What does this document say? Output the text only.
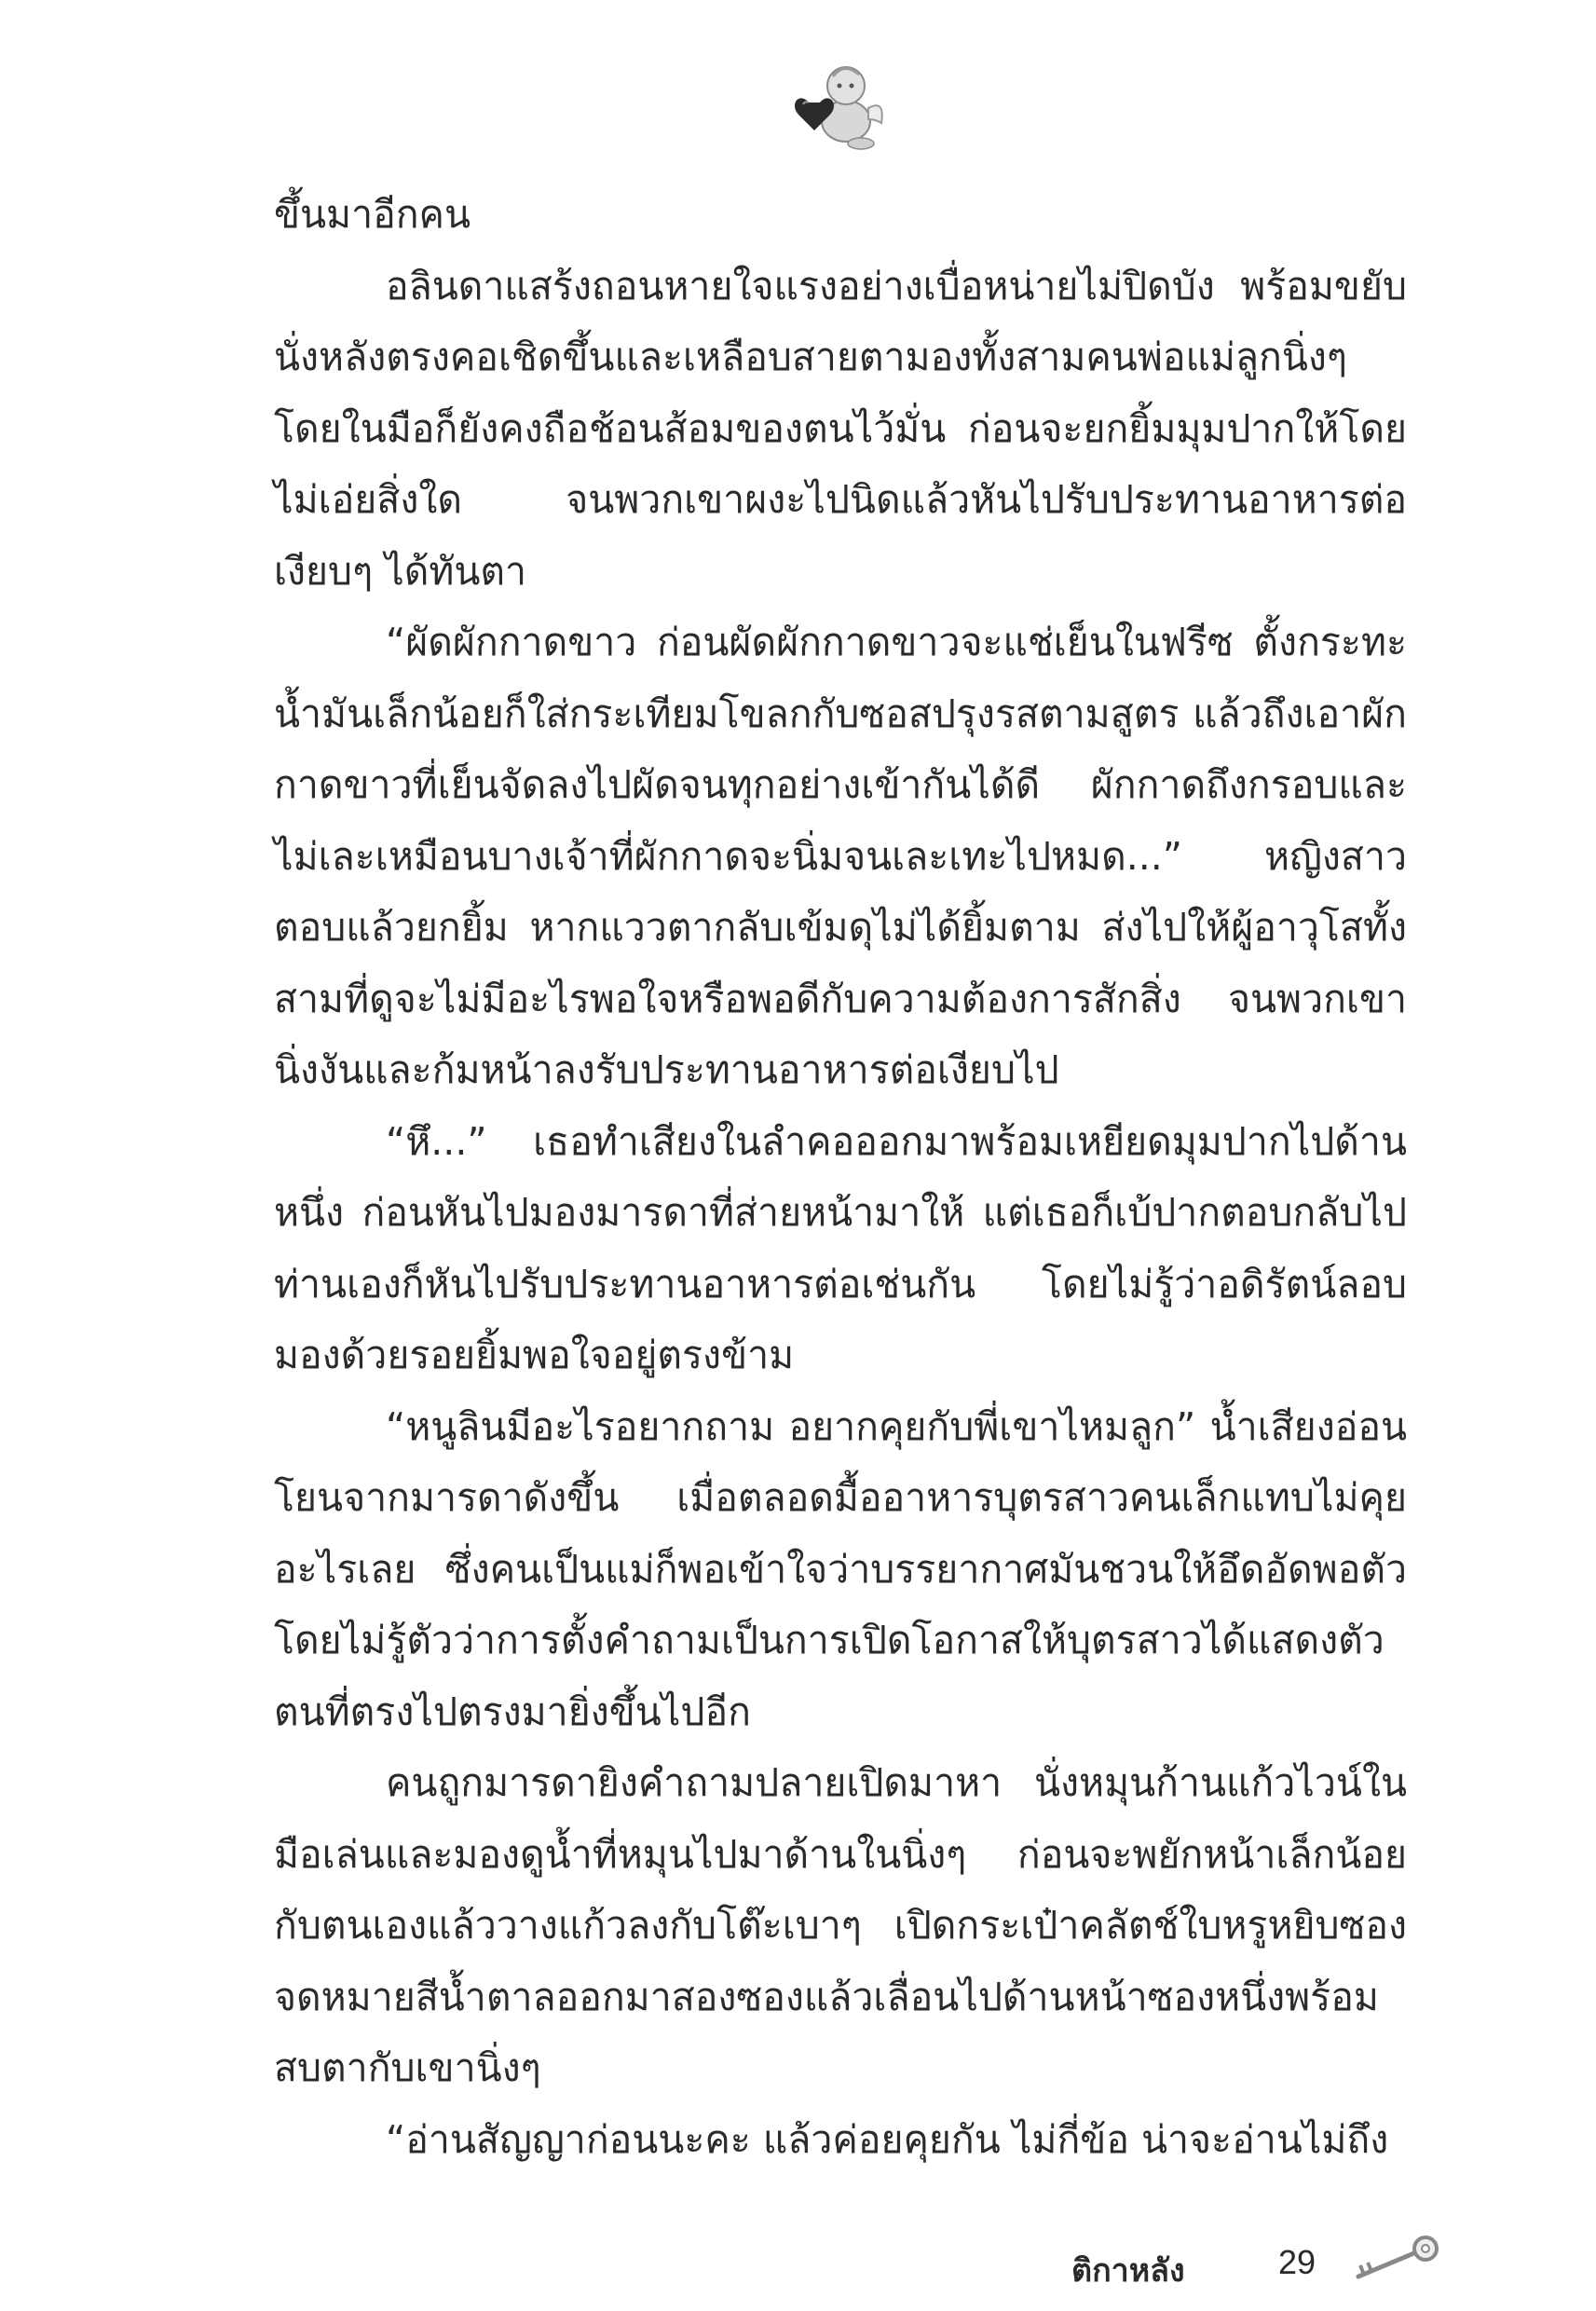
ขึ้นมาอีกคน

อลินดาแสร้งถอนหายใจแรงอย่างเบื่อหน่ายไม่ปิดบัง พร้อมขยับนั่งหลังตรงคอเชิดขึ้นและเหลือบสายตามองทั้งสามคนพ่อแม่ลูกนิ่งๆ โดยในมือก็ยังคงถือช้อนส้อมของตนไว้มั่น ก่อนจะยกยิ้มมุมปากให้โดยไม่เอ่ยสิ่งใด จนพวกเขาผงะไปนิดแล้วหันไปรับประทานอาหารต่อเงียบๆ ได้ทันตา

“ผัดผักกาดขาว ก่อนผัดผักกาดขาวจะแช่เย็นในฟรีซ ตั้งกระทะน้ำมันเล็กน้อยก็ใส่กระเทียมโขลกกับซอสปรุงรสตามสูตร แล้วถึงเอาผักกาดขาวที่เย็นจัดลงไปผัดจนทุกอย่างเข้ากันได้ดี ผักกาดถึงกรอบและไม่เละเหมือนบางเจ้าที่ผักกาดจะนิ่มจนเละเทะไปหมด...” หญิงสาวตอบแล้วยกยิ้ม หากแววตากลับเข้มดุไม่ได้ยิ้มตาม ส่งไปให้ผู้อาวุโสทั้งสามที่ดูจะไม่มีอะไรพอใจหรือพอดีกับความต้องการสักสิ่ง จนพวกเขานิ่งงันและก้มหน้าลงรับประทานอาหารต่อเงียบไป

“หึ...” เธอทำเสียงในลำคอออกมาพร้อมเหยียดมุมปากไปด้านหนึ่ง ก่อนหันไปมองมารดาที่ส่ายหน้ามาให้ แต่เธอก็เบ้ปากตอบกลับไป ท่านเองก็หันไปรับประทานอาหารต่อเช่นกัน โดยไม่รู้ว่าอดิรัตน์ลอบมองด้วยรอยยิ้มพอใจอยู่ตรงข้าม

“หนูลินมีอะไรอยากถาม อยากคุยกับพี่เขาไหมลูก” น้ำเสียงอ่อนโยนจากมารดาดังขึ้น เมื่อตลอดมื้ออาหารบุตรสาวคนเล็กแทบไม่คุยอะไรเลย ซึ่งคนเป็นแม่ก็พอเข้าใจว่าบรรยากาศมันชวนให้อึดอัดพอตัว โดยไม่รู้ตัวว่าการตั้งคำถามเป็นการเปิดโอกาสให้บุตรสาวได้แสดงตัวตนที่ตรงไปตรงมายิ่งขึ้นไปอีก

คนถูกมารดายิงคำถามปลายเปิดมาหา นั่งหมุนก้านแก้วไวน์ในมือเล่นและมองดูน้ำที่หมุนไปมาด้านในนิ่งๆ ก่อนจะพยักหน้าเล็กน้อยกับตนเองแล้ววางแก้วลงกับโต๊ะเบาๆ เปิดกระเป๋าคลัตช์ใบหรูหยิบซองจดหมายสีน้ำตาลออกมาสองซองแล้วเลื่อนไปด้านหน้าซองหนึ่งพร้อมสบตากับเขานิ่งๆ

“อ่านสัญญาก่อนนะคะ แล้วค่อยคุยกัน ไม่กี่ข้อ น่าจะอ่านไม่ถึง

ติกาหลัง	29
